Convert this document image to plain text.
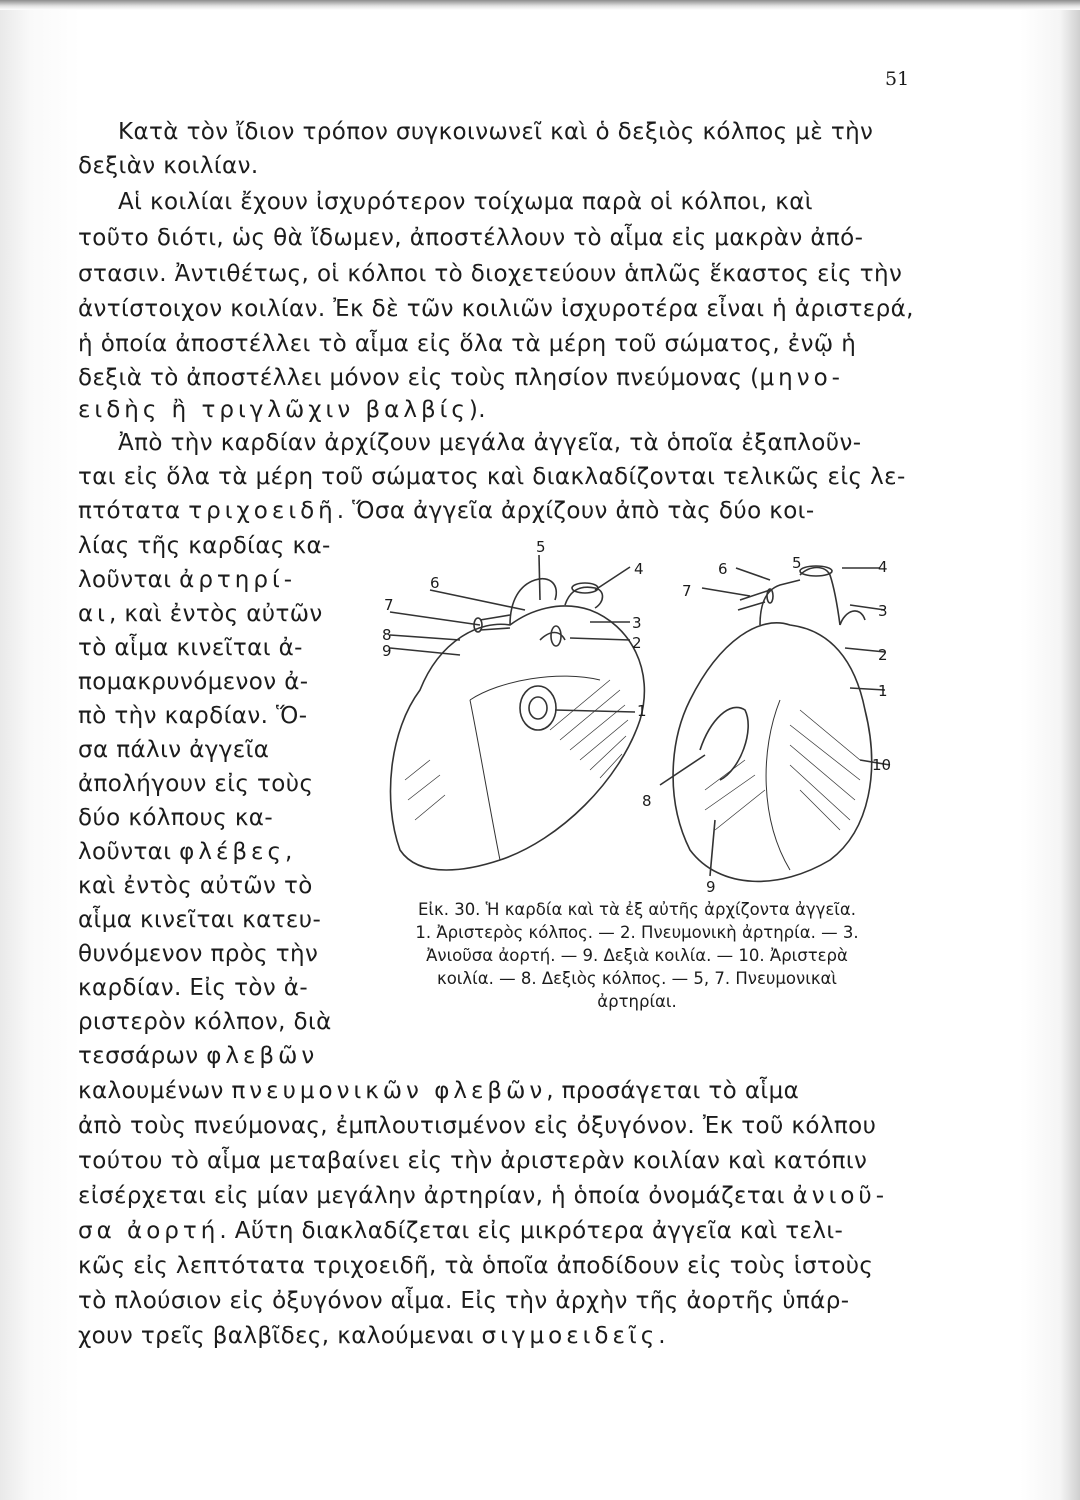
51
Κατὰ τὸν ἴδιον τρόπον συγκοινωνεῖ καὶ ὁ δεξιὸς κόλπος μὲ τὴν
δεξιὰν κοιλίαν.
Αἱ κοιλίαι ἔχουν ἰσχυρότερον τοίχωμα παρὰ οἱ κόλποι, καὶ
τοῦτο διότι, ὡς θὰ ἴδωμεν, ἀποστέλλουν τὸ αἷμα εἰς μακρὰν ἀπό-
στασιν. Ἀντιθέτως, οἱ κόλποι τὸ διοχετεύουν ἁπλῶς ἕκαστος εἰς τὴν
ἀντίστοιχον κοιλίαν. Ἐκ δὲ τῶν κοιλιῶν ἰσχυροτέρα εἶναι ἡ ἀριστερά,
ἡ ὁποία ἀποστέλλει τὸ αἷμα εἰς ὅλα τὰ μέρη τοῦ σώματος, ἐνῷ ἡ
δεξιὰ τὸ ἀποστέλλει μόνον εἰς τοὺς πλησίον πνεύμονας (μηνο-
ειδὴς ἢ τριγλῶχιν βαλβίς).
Ἀπὸ τὴν καρδίαν ἀρχίζουν μεγάλα ἀγγεῖα, τὰ ὁποῖα ἐξαπλοῦν-
ται εἰς ὅλα τὰ μέρη τοῦ σώματος καὶ διακλαδίζονται τελικῶς εἰς λε-
πτότατα τριχοειδῆ. Ὅσα ἀγγεῖα ἀρχίζουν ἀπὸ τὰς δύο κοι-
λίας τῆς καρδίας κα-
λοῦνται ἀρτηρί-
αι, καὶ ἐντὸς αὐτῶν
τὸ αἷμα κινεῖται ἀ-
πομακρυνόμενον ἀ-
πὸ τὴν καρδίαν. Ὅ-
σα πάλιν ἀγγεῖα
ἀπολήγουν εἰς τοὺς
δύο κόλπους κα-
λοῦνται φλέβες,
καὶ ἐντὸς αὐτῶν τὸ
αἷμα κινεῖται κατευ-
θυνόμενον πρὸς τὴν
καρδίαν. Εἰς τὸν ἀ-
ριστερὸν κόλπον, διὰ
τεσσάρων φλεβῶν
καλουμένων πνευμονικῶν φλεβῶν, προσάγεται τὸ αἷμα
ἀπὸ τοὺς πνεύμονας, ἐμπλουτισμένον εἰς ὀξυγόνον. Ἐκ τοῦ κόλπου
τούτου τὸ αἷμα μεταβαίνει εἰς τὴν ἀριστερὰν κοιλίαν καὶ κατόπιν
εἰσέρχεται εἰς μίαν μεγάλην ἀρτηρίαν, ἡ ὁποία ὀνομάζεται ἀνιοῦ-
σα ἀορτή. Αὕτη διακλαδίζεται εἰς μικρότερα ἀγγεῖα καὶ τελι-
κῶς εἰς λεπτότατα τριχοειδῆ, τὰ ὁποῖα ἀποδίδουν εἰς τοὺς ἱστοὺς
τὸ πλούσιον εἰς ὀξυγόνον αἷμα. Εἰς τὴν ἀρχὴν τῆς ἀορτῆς ὑπάρ-
χουν τρεῖς βαλβῖδες, καλούμεναι σιγμοειδεῖς.
5
4
6
7
3
8
9	2
1
6	5	4
7
3
2
1
10
8
9
Εἰκ. 30. Ἡ καρδία καὶ τὰ ἐξ αὐτῆς ἀρχίζοντα ἀγγεῖα.
1. Ἀριστερὸς κόλπος. — 2. Πνευμονικὴ ἀρτηρία. — 3.
Ἀνιοῦσα ἀορτή. — 9. Δεξιὰ κοιλία. — 10. Ἀριστερὰ
κοιλία. — 8. Δεξιὸς κόλπος. — 5, 7. Πνευμονικαὶ
ἀρτηρίαι.
